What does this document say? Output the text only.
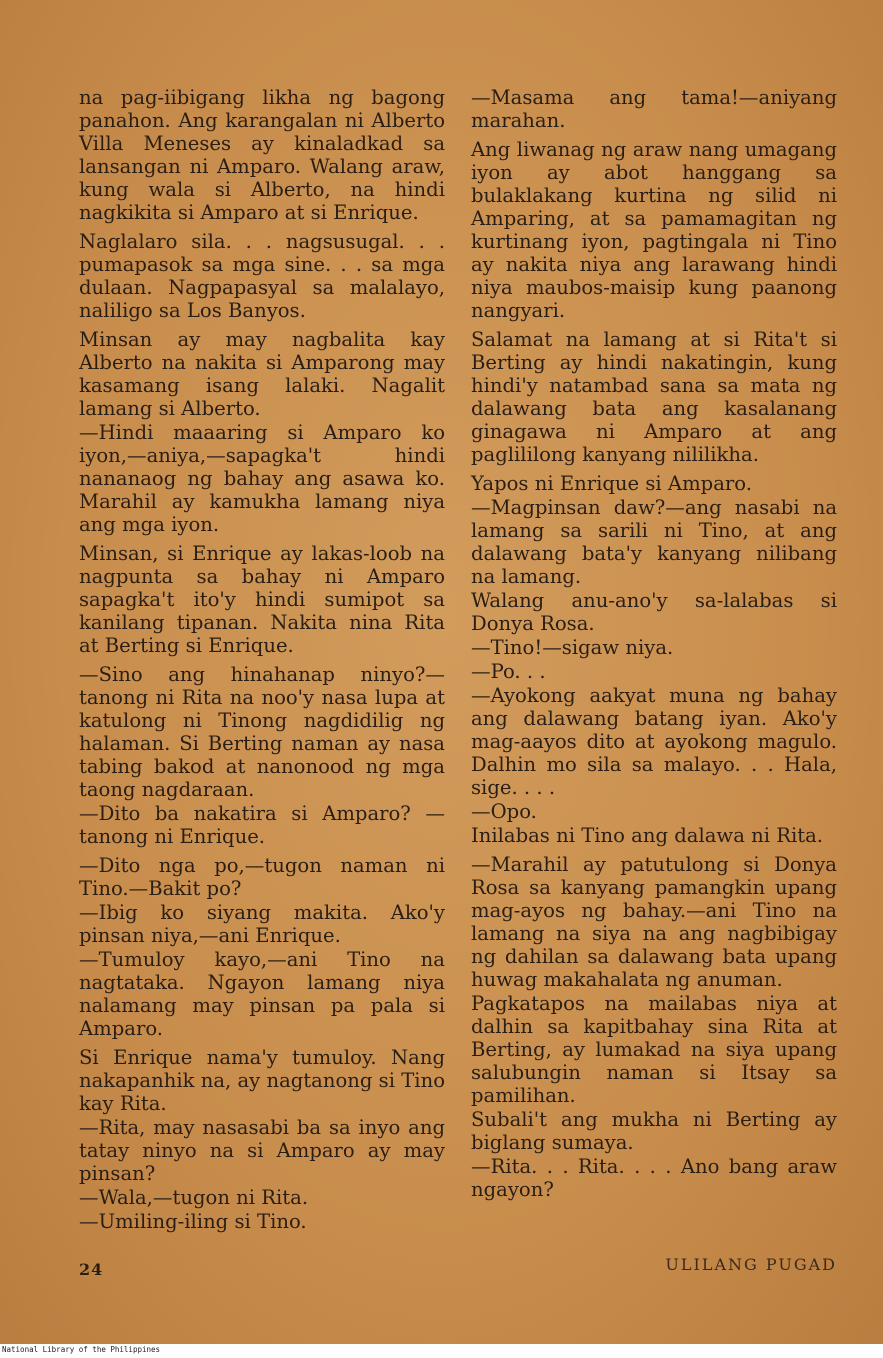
na pag-iibigang likha ng bagong panahon. Ang karangalan ni Alberto Villa Meneses ay kinaladkad sa lansangan ni Amparo. Walang araw, kung wala si Alberto, na hindi nagkikita si Amparo at si Enrique.

Naglalaro sila. . . nagsusugal. . . pumapasok sa mga sine. . . sa mga dulaan. Nagpapasyal sa malalayo, naliligo sa Los Banyos.

Minsan ay may nagbalita kay Alberto na nakita si Amparong may kasamang isang lalaki. Nagalit lamang si Alberto.

—Hindi maaaring si Amparo ko iyon,—aniya,—sapagka't hindi nananaog ng bahay ang asawa ko. Marahil ay kamukha lamang niya ang mga iyon.

Minsan, si Enrique ay lakas-loob na nagpunta sa bahay ni Amparo sapagka't ito'y hindi sumipot sa kanilang tipanan. Nakita nina Rita at Berting si Enrique.

—Sino ang hinahanap ninyo?—tanong ni Rita na noo'y nasa lupa at katulong ni Tinong nagdidilig ng halaman. Si Berting naman ay nasa tabing bakod at nanonood ng mga taong nagdaraan.

—Dito ba nakatira si Amparo? —tanong ni Enrique.

—Dito nga po,—tugon naman ni Tino.—Bakit po?

—Ibig ko siyang makita. Ako'y pinsan niya,—ani Enrique.

—Tumuloy kayo,—ani Tino na nagtataka. Ngayon lamang niya nalamang may pinsan pa pala si Amparo.

Si Enrique nama'y tumuloy. Nang nakapanhik na, ay nagtanong si Tino kay Rita.

—Rita, may nasasabi ba sa inyo ang tatay ninyo na si Amparo ay may pinsan?

—Wala,—tugon ni Rita.

—Umiling-iling si Tino.

—Masama ang tama!—aniyang marahan.

Ang liwanag ng araw nang umagang iyon ay abot hanggang sa bulaklakang kurtina ng silid ni Amparing, at sa pamamagitan ng kurtinang iyon, pagtingala ni Tino ay nakita niya ang larawang hindi niya maubos-maisip kung paanong nangyari.

Salamat na lamang at si Rita't si Berting ay hindi nakatingin, kung hindi'y natambad sana sa mata ng dalawang bata ang kasalanang ginagawa ni Amparo at ang paglililong kanyang nililikha.

Yapos ni Enrique si Amparo.

—Magpinsan daw?—ang nasabi na lamang sa sarili ni Tino, at ang dalawang bata'y kanyang nilibang na lamang.

Walang anu-ano'y sa-lalabas si Donya Rosa.

—Tino!—sigaw niya.

—Po. . .

—Ayokong aakyat muna ng bahay ang dalawang batang iyan. Ako'y mag-aayos dito at ayokong magulo. Dalhin mo sila sa malayo. . . Hala, sige. . . .

—Opo.

Inilabas ni Tino ang dalawa ni Rita.

—Marahil ay patutulong si Donya Rosa sa kanyang pamangkin upang mag-ayos ng bahay.—ani Tino na lamang na siya na ang nagbibigay ng dahilan sa dalawang bata upang huwag makahalata ng anuman.

Pagkatapos na mailabas niya at dalhin sa kapitbahay sina Rita at Berting, ay lumakad na siya upang salubungin naman si Itsay sa pamilihan.

Subali't ang mukha ni Berting ay biglang sumaya.

—Rita. . . Rita. . . . Ano bang araw ngayon?

24	ULILANG PUGAD
National Library of the Philippines
